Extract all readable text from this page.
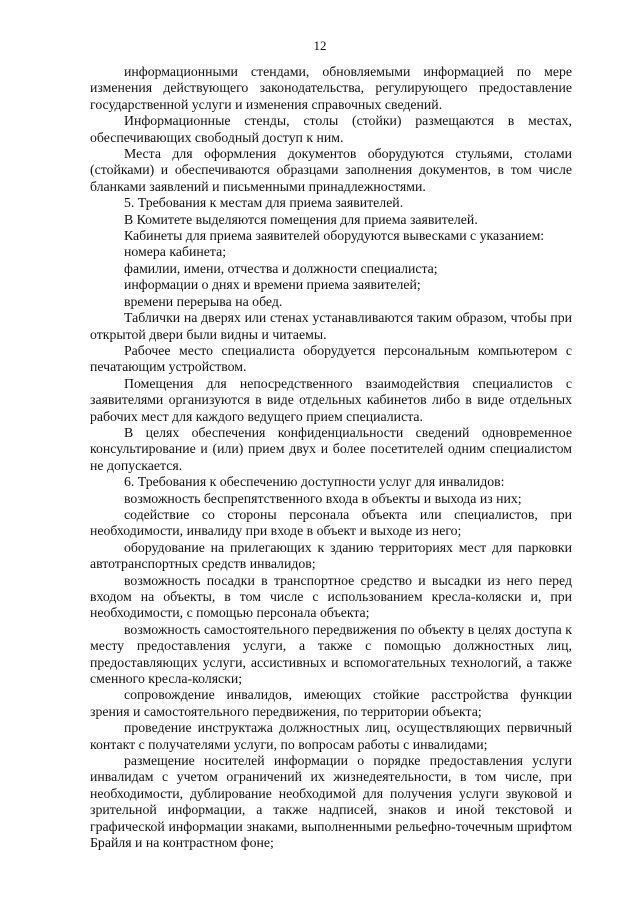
12

информационными стендами, обновляемыми информацией по мере изменения действующего законодательства, регулирующего предоставление государственной услуги и изменения справочных сведений.

Информационные стенды, столы (стойки) размещаются в местах, обеспечивающих свободный доступ к ним.

Места для оформления документов оборудуются стульями, столами (стойками) и обеспечиваются образцами заполнения документов, в том числе бланками заявлений и письменными принадлежностями.

5. Требования к местам для приема заявителей.

В Комитете выделяются помещения для приема заявителей.

Кабинеты для приема заявителей оборудуются вывесками с указанием:

номера кабинета;

фамилии, имени, отчества и должности специалиста;

информации о днях и времени приема заявителей;

времени перерыва на обед.

Таблички на дверях или стенах устанавливаются таким образом, чтобы при открытой двери были видны и читаемы.

Рабочее место специалиста оборудуется персональным компьютером с печатающим устройством.

Помещения для непосредственного взаимодействия специалистов с заявителями организуются в виде отдельных кабинетов либо в виде отдельных рабочих мест для каждого ведущего прием специалиста.

В целях обеспечения конфиденциальности сведений одновременное консультирование и (или) прием двух и более посетителей одним специалистом не допускается.

6. Требования к обеспечению доступности услуг для инвалидов:

возможность беспрепятственного входа в объекты и выхода из них;

содействие со стороны персонала объекта или специалистов, при необходимости, инвалиду при входе в объект и выходе из него;

оборудование на прилегающих к зданию территориях мест для парковки автотранспортных средств инвалидов;

возможность посадки в транспортное средство и высадки из него перед входом на объекты, в том числе с использованием кресла-коляски и, при необходимости, с помощью персонала объекта;

возможность самостоятельного передвижения по объекту в целях доступа к месту предоставления услуги, а также с помощью должностных лиц, предоставляющих услуги, ассистивных и вспомогательных технологий, а также сменного кресла-коляски;

сопровождение инвалидов, имеющих стойкие расстройства функции зрения и самостоятельного передвижения, по территории объекта;

проведение инструктажа должностных лиц, осуществляющих первичный контакт с получателями услуги, по вопросам работы с инвалидами;

размещение носителей информации о порядке предоставления услуги инвалидам с учетом ограничений их жизнедеятельности, в том числе, при необходимости, дублирование необходимой для получения услуги звуковой и зрительной информации, а также надписей, знаков и иной текстовой и графической информации знаками, выполненными рельефно-точечным шрифтом Брайля и на контрастном фоне;
